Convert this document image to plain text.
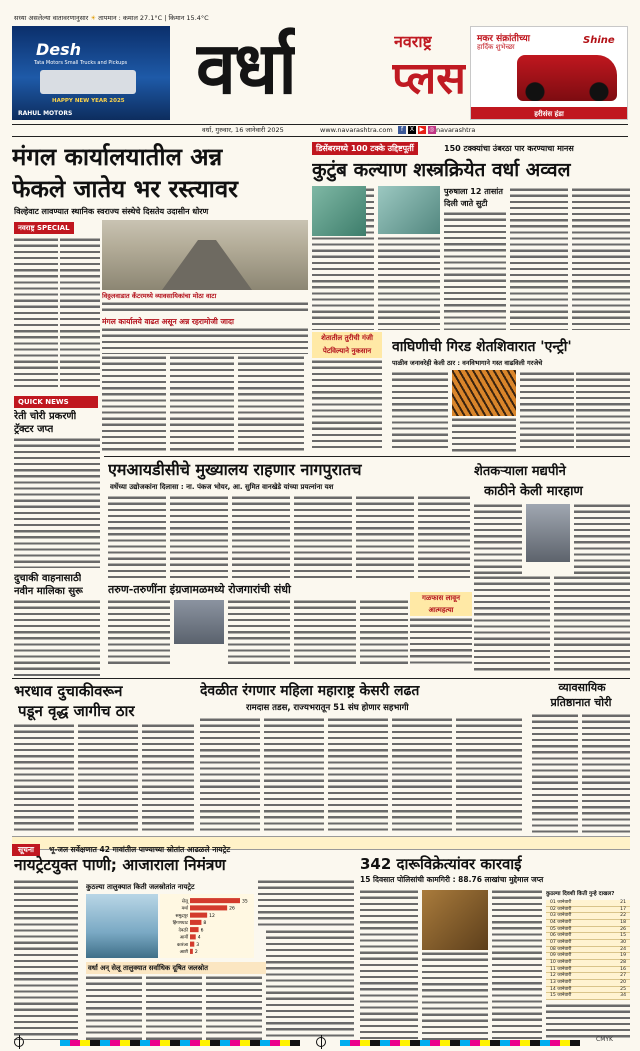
सध्या असलेल्या वातावरणानुसार ☀ तापमान : कमाल 27.1°C | किमान 15.4°C
Desh
Tata Motors Small Trucks and Pickups
HAPPY NEW YEAR 2025
RAHUL MOTORS
वर्धा	नवराष्ट्र
प्लस
मकर संक्रांतीच्या
हार्दिक शुभेच्छा
Shine
हरीसंस हंडा
वर्धा, गुरुवार, 16 जानेवारी 2025	www.navarashtra.com	f X ▶ ◎ navarashtra
मंगल कार्यालयातील अन्न
फेकले जातेय भर रस्त्यावर
विल्हेवाट लावण्यात स्थानिक स्वराज्य संस्थेचे दिसतेय उदासीन धोरण
नवराष्ट्र SPECIAL
विठ्ठलवाडात कॅंटरमध्ये व्यावसायिकांचा मोठा वाटा
मंगल कार्यालये वाढत असून अन्न रहरामोजी जादा
QUICK NEWS
रेती चोरी प्रकरणी
ट्रॅक्टर जप्त
दुचाकी वाहनासाठी
नवीन मालिका सुरू
एमआयडीसीचे मुख्यालय राहणार नागपुरातच
वर्धेच्या उद्योजकांना दिलासा : ना. पंकज भोयर, आ. सुमित वानखेडे यांच्या प्रयत्नांना यश
तरुण-तरुणींना इंग्रजामळमध्ये रोजगारांची संधी
गळफास लावून
आत्महत्या
डिसेंबरमध्ये 100 टक्के उद्दिष्टपूर्ती	150 टक्क्यांचा उंबरठा पार करण्याचा मानस
कुटुंब कल्याण शस्त्रक्रियेत वर्धा अव्वल
पुरुषाला 12 तासांत
दिली जाते सुटी
शेतातील तुरीची गंजी
पेटविल्याने नुकसान	वाघिणीची गिरड शेतशिवारात 'एन्ट्री'
पाळीव जनावरेही केली ठार : वनविभागाने गस्त वाढविली गरजेचे
शेतकऱ्याला मद्यपीने
काठीने केली मारहाण
भरधाव दुचाकीवरून
पडून वृद्ध जागीच ठार
देवळीत रंगणार महिला महाराष्ट्र केसरी लढत
रामदास तडस, राज्यभरातून 51 संघ होणार सहभागी
व्यावसायिक
प्रतिष्ठानात चोरी
सूचना भू-जल सर्वेक्षणात 42 गावांतील पाण्याच्या स्रोतांत आढळले नायट्रेट
नायट्रेटयुक्त पाणी; आजाराला निमंत्रण
कुठल्या तालुक्यात किती जलस्रोतांत नायट्रेट
सेलू	35
वर्धा	26
समुद्रपूर	12
हिंगणघाट	8
देवळी	6
आर्वी 4
कारंजा 3
आष्टी 2
वर्धा अन् सेलू तालुक्यात सर्वाधिक दूषित जलस्रोत
342 दारूविक्रेत्यांवर कारवाई
15 दिवसात पोलिसांची कामगिरी : 88.76 लाखांचा मुद्देमाल जप्त
कुठल्या दिवशी किती गुन्हे दाखल?
01 जानेवारी	21
02 जानेवारी	17
03 जानेवारी	22
04 जानेवारी	18
05 जानेवारी	26
06 जानेवारी	15
07 जानेवारी	30
08 जानेवारी	24
09 जानेवारी	19
10 जानेवारी	28
11 जानेवारी	16
12 जानेवारी	27
13 जानेवारी	20
14 जानेवारी	25
15 जानेवारी	34
CMYK
